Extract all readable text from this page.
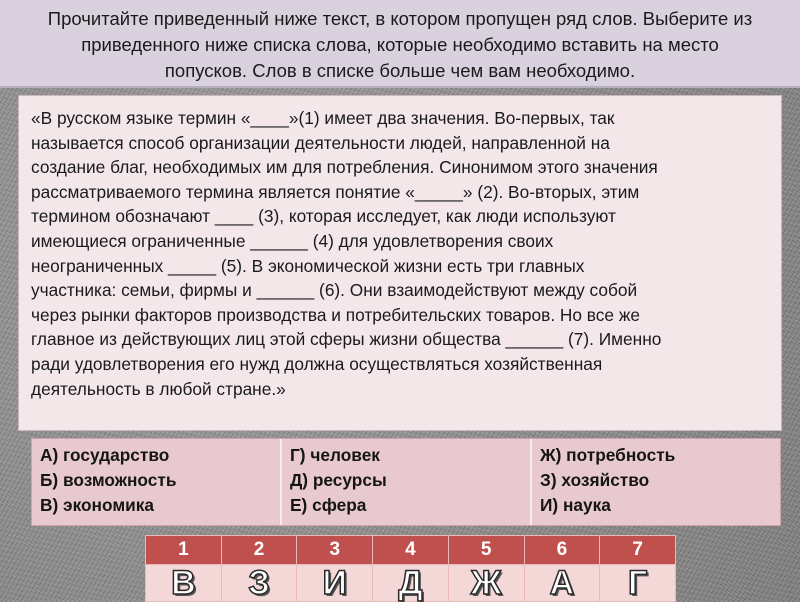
Прочитайте приведенный ниже текст, в котором пропущен ряд слов. Выберите из
приведенного ниже списка слова, которые необходимо вставить на место
попусков. Слов в списке больше чем вам необходимо.
«В русском языке термин «____»(1) имеет два значения. Во-первых, так
называется способ организации деятельности людей, направленной на
создание благ, необходимых им для потребления. Синонимом этого значения
рассматриваемого термина является понятие «_____» (2). Во-вторых, этим
термином обозначают ____ (3), которая исследует, как люди используют
имеющиеся ограниченные ______ (4) для удовлетворения своих
неограниченных _____ (5). В экономической жизни есть три главных
участника: семьи, фирмы и ______ (6). Они взаимодействуют между собой
через рынки факторов производства и потребительских товаров. Но все же
главное из действующих лиц этой сферы жизни общества ______ (7). Именно
ради удовлетворения его нужд должна осуществляться хозяйственная
деятельность в любой стране.»
А) государство
Б) возможность
В) экономика
Г) человек
Д) ресурсы
Е) сфера
Ж) потребность
З) хозяйство
И) наука
1	2	3	4	5	6	7
В	З	И	Д	Ж	А	Г
